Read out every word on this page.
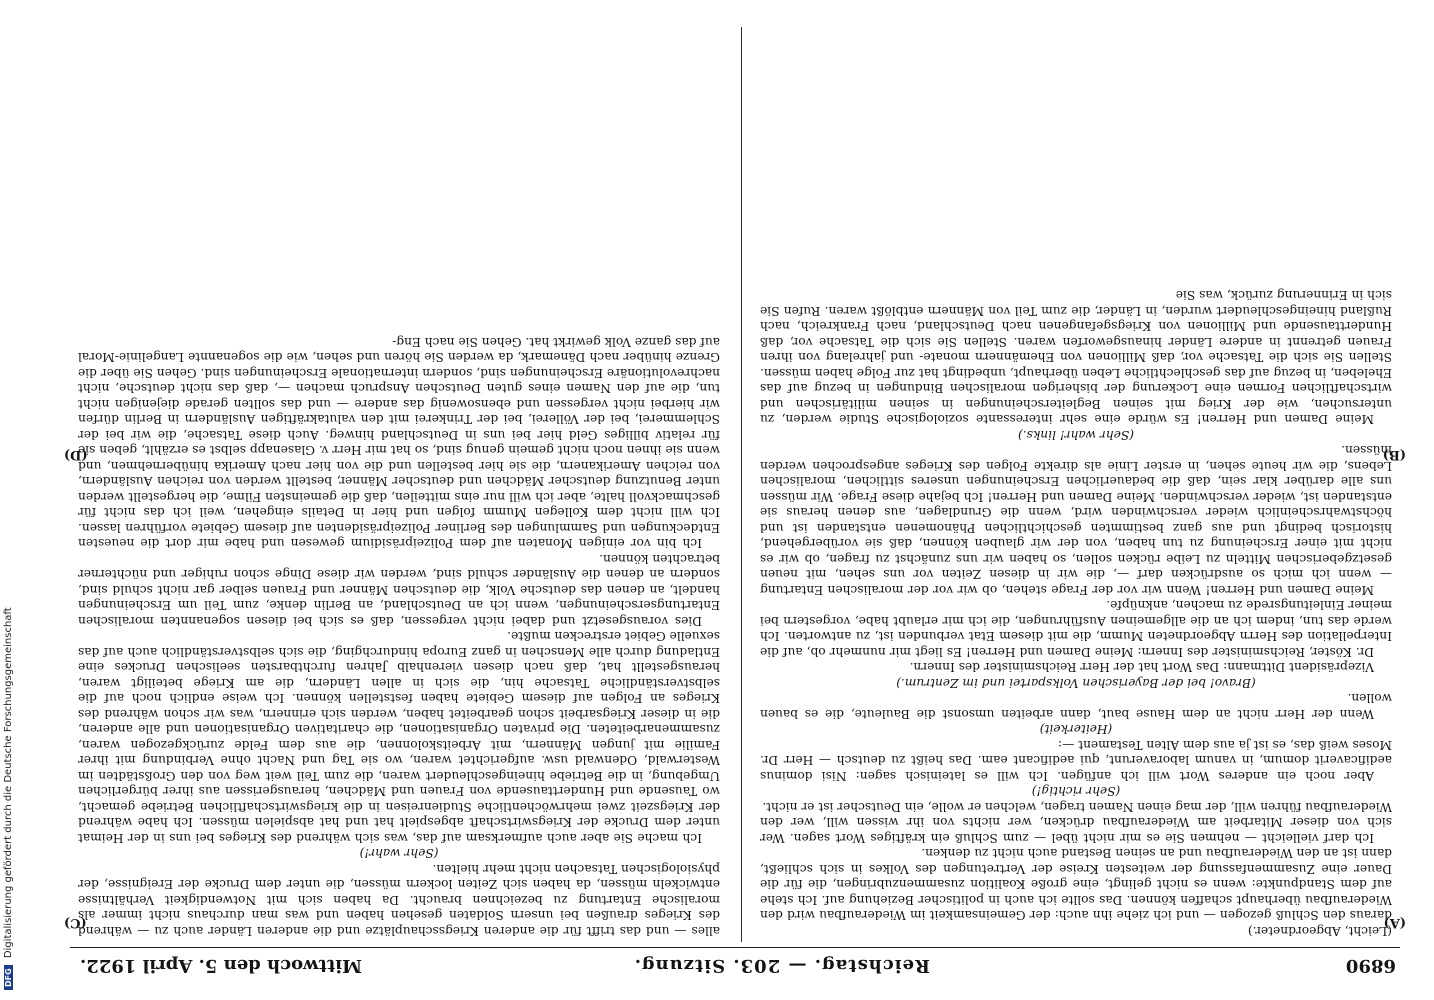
DFG Digitalisierung gefördert durch die Deutsche Forschungsgemeinschaft
6890
Reichstag. — 203. Sitzung.
Mittwoch den 5. April 1922.
(A)
(B)
(C)
(D)

(Leicht, Abgeordneter.)

daraus den Schluß gezogen — und ich ziehe ihn auch: der Gemeinsamkeit im Wiederaufbau wird den Wiederaufbau überhaupt schaffen können. Das sollte ich auch in politischer Beziehung auf. Ich stehe auf dem Standpunkte: wenn es nicht gelingt, eine große Koalition zusammenzubringen, die für die Dauer eine Zusammenfassung der weitesten Kreise der Vertretungen des Volkes in sich schließt, dann ist an den Wiederaufbau und an seinen Bestand auch nicht zu denken.

Ich darf vielleicht — nehmen Sie es mir nicht übel — zum Schluß ein kräftiges Wort sagen. Wer sich von dieser Mitarbeit am Wiederaufbau drücken, wer nichts von ihr wissen will, wer den Wiederaufbau führen will, der mag einen Namen tragen, welchen er wolle, ein Deutscher ist er nicht.

(Sehr richtig!)

Aber noch ein anderes Wort will ich anfügen. Ich will es lateinisch sagen: Nisi dominus aedificaverit domum, in vanum laboraverunt, qui aedificant eam. Das heißt zu deutsch — Herr Dr. Moses weiß das, es ist ja aus dem Alten Testament —:

(Heiterkeit)

Wenn der Herr nicht an dem Hause baut, dann arbeiten umsonst die Bauleute, die es bauen wollen.

(Bravo! bei der Bayerischen Volkspartei und im Zentrum.)

Vizepräsident Dittmann: Das Wort hat der Herr Reichsminister des Innern.

Dr. Köster, Reichsminister des Innern: Meine Damen und Herren! Es liegt mir nunmehr ob, auf die Interpellation des Herrn Abgeordneten Mumm, die mit diesem Etat verbunden ist, zu antworten. Ich werde das tun, indem ich an die allgemeinen Ausführungen, die ich mir erlaubt habe, vorgestern bei meiner Einleitungsrede zu machen, anknüpfe.

Meine Damen und Herren! Wenn wir vor der Frage stehen, ob wir vor der moralischen Entartung — wenn ich mich so ausdrücken darf —, die wir in diesen Zeiten vor uns sehen, mit neuen gesetzgeberischen Mitteln zu Leibe rücken sollen, so haben wir uns zunächst zu fragen, ob wir es nicht mit einer Erscheinung zu tun haben, von der wir glauben können, daß sie vorübergehend, historisch bedingt und aus ganz bestimmten geschichtlichen Phänomenen entstanden ist und höchstwahrscheinlich wieder verschwinden wird, wenn die Grundlagen, aus denen heraus sie entstanden ist, wieder verschwinden. Meine Damen und Herren! Ich bejahe diese Frage. Wir müssen uns alle darüber klar sein, daß die bedauerlichen Erscheinungen unseres sittlichen, moralischen Lebens, die wir heute sehen, in erster Linie als direkte Folgen des Krieges angesprochen werden müssen.

(Sehr wahr! links.)

Meine Damen und Herren! Es würde eine sehr interessante soziologische Studie werden, zu untersuchen, wie der Krieg mit seinen Begleiterscheinungen in seinen militärischen und wirtschaftlichen Formen eine Lockerung der bisherigen moralischen Bindungen in bezug auf das Eheleben, in bezug auf das geschlechtliche Leben überhaupt, unbedingt hat zur Folge haben müssen. Stellen Sie sich die Tatsache vor, daß Millionen von Ehemännern monate- und jahrelang von ihren Frauen getrennt in andere Länder hinausgeworfen waren. Stellen Sie sich die Tatsache vor, daß Hunderttausende und Millionen von Kriegsgefangenen nach Deutschland, nach Frankreich, nach Rußland hineingeschleudert wurden, in Länder, die zum Teil von Männern entblößt waren. Rufen Sie sich in Erinnerung zurück, was Sie

alles — und das trifft für die anderen Kriegsschauplätze und die anderen Länder auch zu — während des Krieges draußen bei unsern Soldaten gesehen haben und was man durchaus nicht immer als moralische Entartung zu bezeichnen braucht. Da haben sich mit Notwendigkeit Verhältnisse entwickeln müssen, da haben sich Zeiten lockern müssen, die unter dem Drucke der Ereignisse, der physiologischen Tatsachen nicht mehr hielten.

(Sehr wahr!)

Ich mache Sie aber auch aufmerksam auf das, was sich während des Krieges bei uns in der Heimat unter dem Drucke der Kriegswirtschaft abgespielt hat und hat abspielen müssen. Ich habe während der Kriegszeit zwei mehrwöchentliche Studienreisen in die kriegswirtschaftlichen Betriebe gemacht, wo Tausende und Hunderttausende von Frauen und Mädchen, herausgerissen aus ihrer bürgerlichen Umgebung, in die Betriebe hineingeschleudert waren, die zum Teil weit weg von den Großstädten im Westerwald, Odenwald usw. aufgerichtet waren, wo sie Tag und Nacht ohne Verbindung mit ihrer Familie mit jungen Männern, mit Arbeitskolonnen, die aus dem Felde zurückgezogen waren, zusammenarbeiteten. Die privaten Organisationen, die charitativen Organisationen und alle anderen, die in dieser Kriegsarbeit schon gearbeitet haben, werden sich erinnern, was wir schon während des Krieges an Folgen auf diesem Gebiete haben feststellen können. Ich weise endlich noch auf die selbstverständliche Tatsache hin, die sich in allen Ländern, die am Kriege beteiligt waren, herausgestellt hat, daß nach diesen vierenhalb Jahren furchtbarsten seelischen Druckes eine Entladung durch alle Menschen in ganz Europa hindurchging, die sich selbstverständlich auch auf das sexuelle Gebiet erstrecken mußte.

Dies vorausgesetzt und dabei nicht vergessen, daß es sich bei diesen sogenannten moralischen Entartungserscheinungen, wenn ich an Deutschland, an Berlin denke, zum Teil um Erscheinungen handelt, an denen das deutsche Volk, die deutschen Männer und Frauen selber gar nicht schuld sind, sondern an denen die Ausländer schuld sind, werden wir diese Dinge schon ruhiger und nüchterner betrachten können.

Ich bin vor einigen Monaten auf dem Polizeipräsidium gewesen und habe mir dort die neuesten Entdeckungen und Sammlungen des Berliner Polizeipräsidenten auf diesem Gebiete vorführen lassen. Ich will nicht dem Kollegen Mumm folgen und hier in Details eingehen, weil ich das nicht für geschmackvoll halte, aber ich will nur eins mitteilen, daß die gemeinsten Filme, die hergestellt werden unter Benutzung deutscher Mädchen und deutscher Männer, bestellt werden von reichen Ausländern, von reichen Amerikanern, die sie hier bestellen und die von hier nach Amerika hinübernehmen, und wenn sie ihnen noch nicht gemein genug sind, so hat mir Herr v. Glasenapp selbst es erzählt, geben sie für relativ billiges Geld hier bei uns in Deutschland hinweg. Auch diese Tatsache, die wir bei der Schlemmerei, bei der Völlerei, bei der Trinkerei mit den valutakräftigen Ausländern in Berlin dürfen wir hierbei nicht vergessen und ebensowenig das andere — und das sollten gerade diejenigen nicht tun, die auf den Namen eines guten Deutschen Anspruch machen —, daß das nicht deutsche, nicht nachrevolutionäre Erscheinungen sind, sondern internationale Erscheinungen sind. Gehen Sie über die Grenze hinüber nach Dänemark, da werden Sie hören und sehen, wie die sogenannte Langelinie-Moral auf das ganze Volk gewirkt hat. Gehen Sie nach Eng-
